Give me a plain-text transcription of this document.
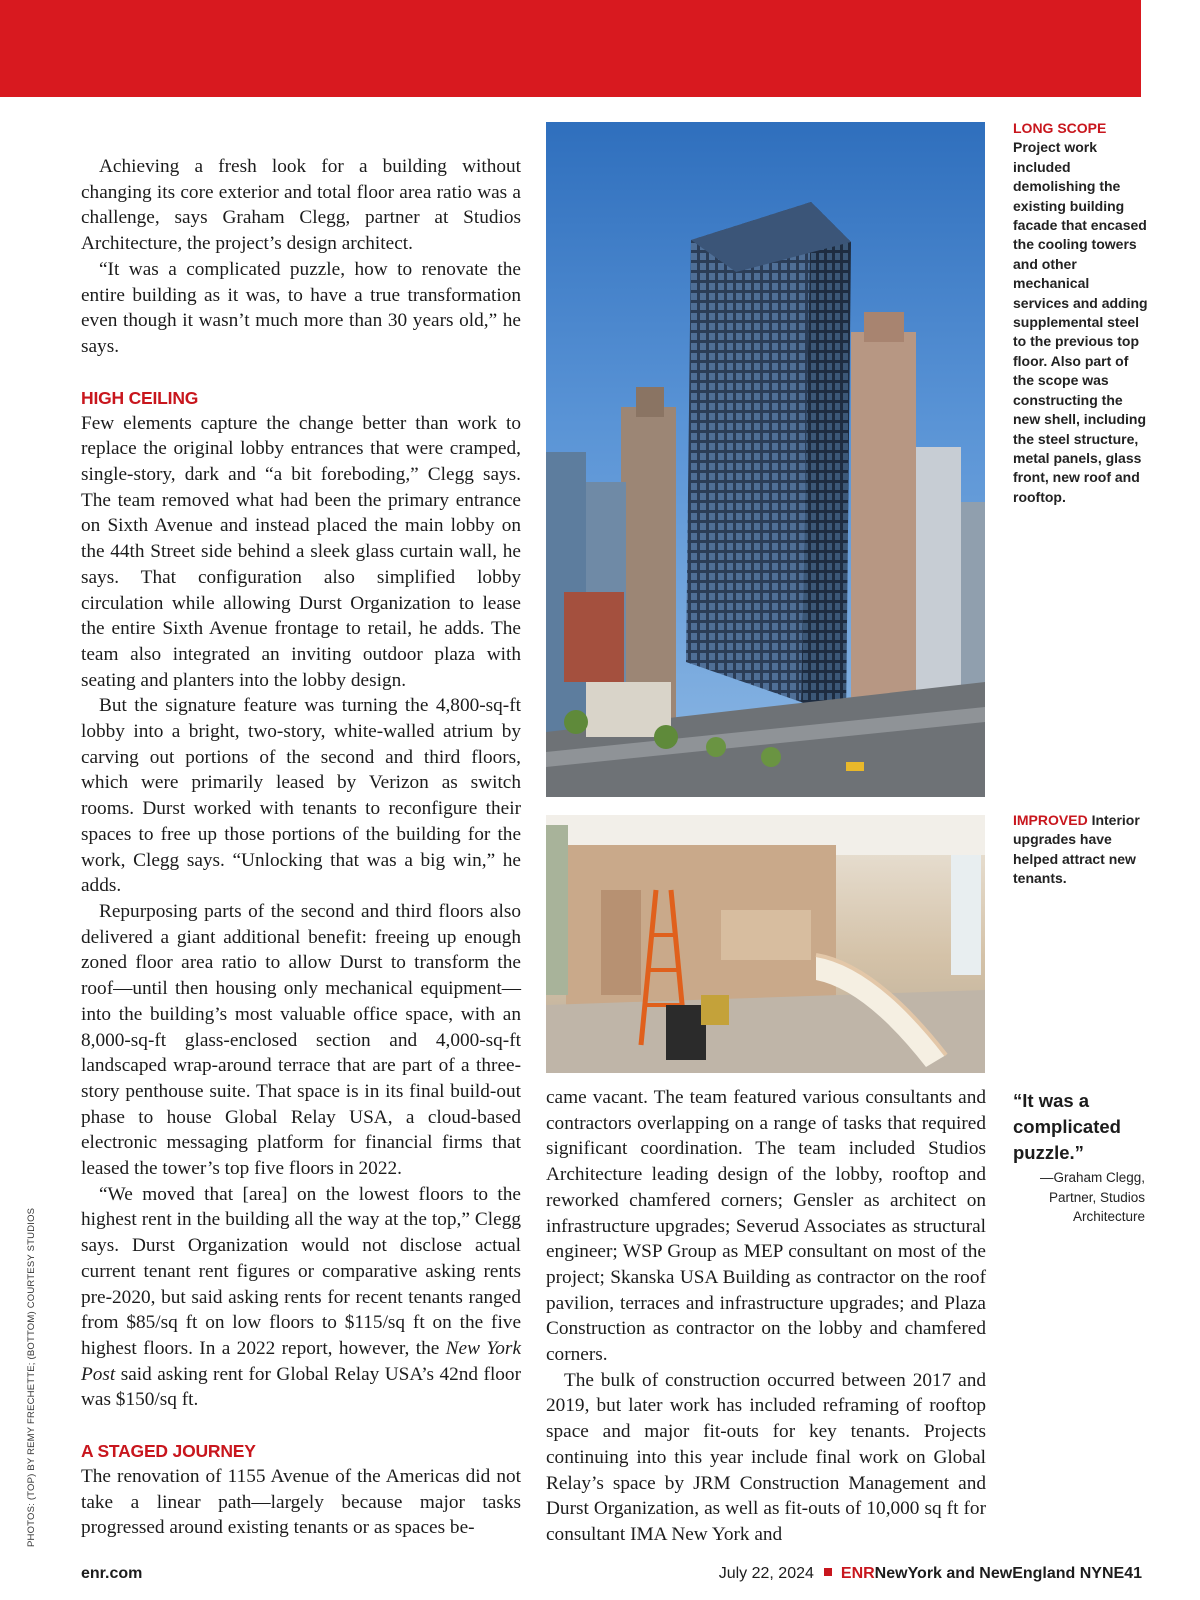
Achieving a fresh look for a building without changing its core exterior and total floor area ratio was a challenge, says Graham Clegg, partner at Studios Architecture, the project’s design architect.

“It was a complicated puzzle, how to renovate the entire building as it was, to have a true transformation even though it wasn’t much more than 30 years old,” he says.

HIGH CEILING

Few elements capture the change better than work to replace the original lobby entrances that were cramped, single-story, dark and “a bit foreboding,” Clegg says. The team removed what had been the primary entrance on Sixth Avenue and instead placed the main lobby on the 44th Street side behind a sleek glass curtain wall, he says. That configuration also simplified lobby circulation while allowing Durst Organization to lease the entire Sixth Avenue frontage to retail, he adds. The team also integrated an inviting outdoor plaza with seating and planters into the lobby design.

But the signature feature was turning the 4,800-sq-ft lobby into a bright, two-story, white-walled atrium by carving out portions of the second and third floors, which were primarily leased by Verizon as switch rooms. Durst worked with tenants to reconfigure their spaces to free up those portions of the building for the work, Clegg says. “Unlocking that was a big win,” he adds.

Repurposing parts of the second and third floors also delivered a giant additional benefit: freeing up enough zoned floor area ratio to allow Durst to transform the roof—until then housing only mechanical equipment—into the building’s most valuable office space, with an 8,000-sq-ft glass-enclosed section and 4,000-sq-ft landscaped wrap-around terrace that are part of a three-story penthouse suite. That space is in its final build-out phase to house Global Relay USA, a cloud-based electronic messaging platform for financial firms that leased the tower’s top five floors in 2022.

“We moved that [area] on the lowest floors to the highest rent in the building all the way at the top,” Clegg says. Durst Organization would not disclose actual current tenant rent figures or comparative asking rents pre-2020, but said asking rents for recent tenants ranged from $85/sq ft on low floors to $115/sq ft on the five highest floors. In a 2022 report, however, the New York Post said asking rent for Global Relay USA’s 42nd floor was $150/sq ft.

A STAGED JOURNEY

The renovation of 1155 Avenue of the Americas did not take a linear path—largely because major tasks progressed around existing tenants or as spaces be-

LONG SCOPE
Project work included demolishing the existing building facade that encased the cooling towers and other mechanical services and adding supplemental steel to the previous top floor. Also part of the scope was constructing the new shell, including the steel structure, metal panels, glass front, new roof and rooftop.
IMPROVED Interior upgrades have helped attract new tenants.
“It was a complicated puzzle.”
—Graham Clegg,
Partner, Studios Architecture

came vacant. The team featured various consultants and contractors overlapping on a range of tasks that required significant coordination. The team included Studios Architecture leading design of the lobby, rooftop and reworked chamfered corners; Gensler as architect on infrastructure upgrades; Severud Associates as structural engineer; WSP Group as MEP consultant on most of the project; Skanska USA Building as contractor on the roof pavilion, terraces and infrastructure upgrades; and Plaza Construction as contractor on the lobby and chamfered corners.

The bulk of construction occurred between 2017 and 2019, but later work has included reframing of rooftop space and major fit-outs for key tenants. Projects continuing into this year include final work on Global Relay’s space by JRM Construction Management and Durst Organization, as well as fit-outs of 10,000 sq ft for consultant IMA New York and

PHOTOS: (TOP) BY REMY FRECHETTE; (BOTTOM) COURTESY STUDIOS
enr.com	July 22, 2024 ENRNewYork and NewEngland NYNE41
